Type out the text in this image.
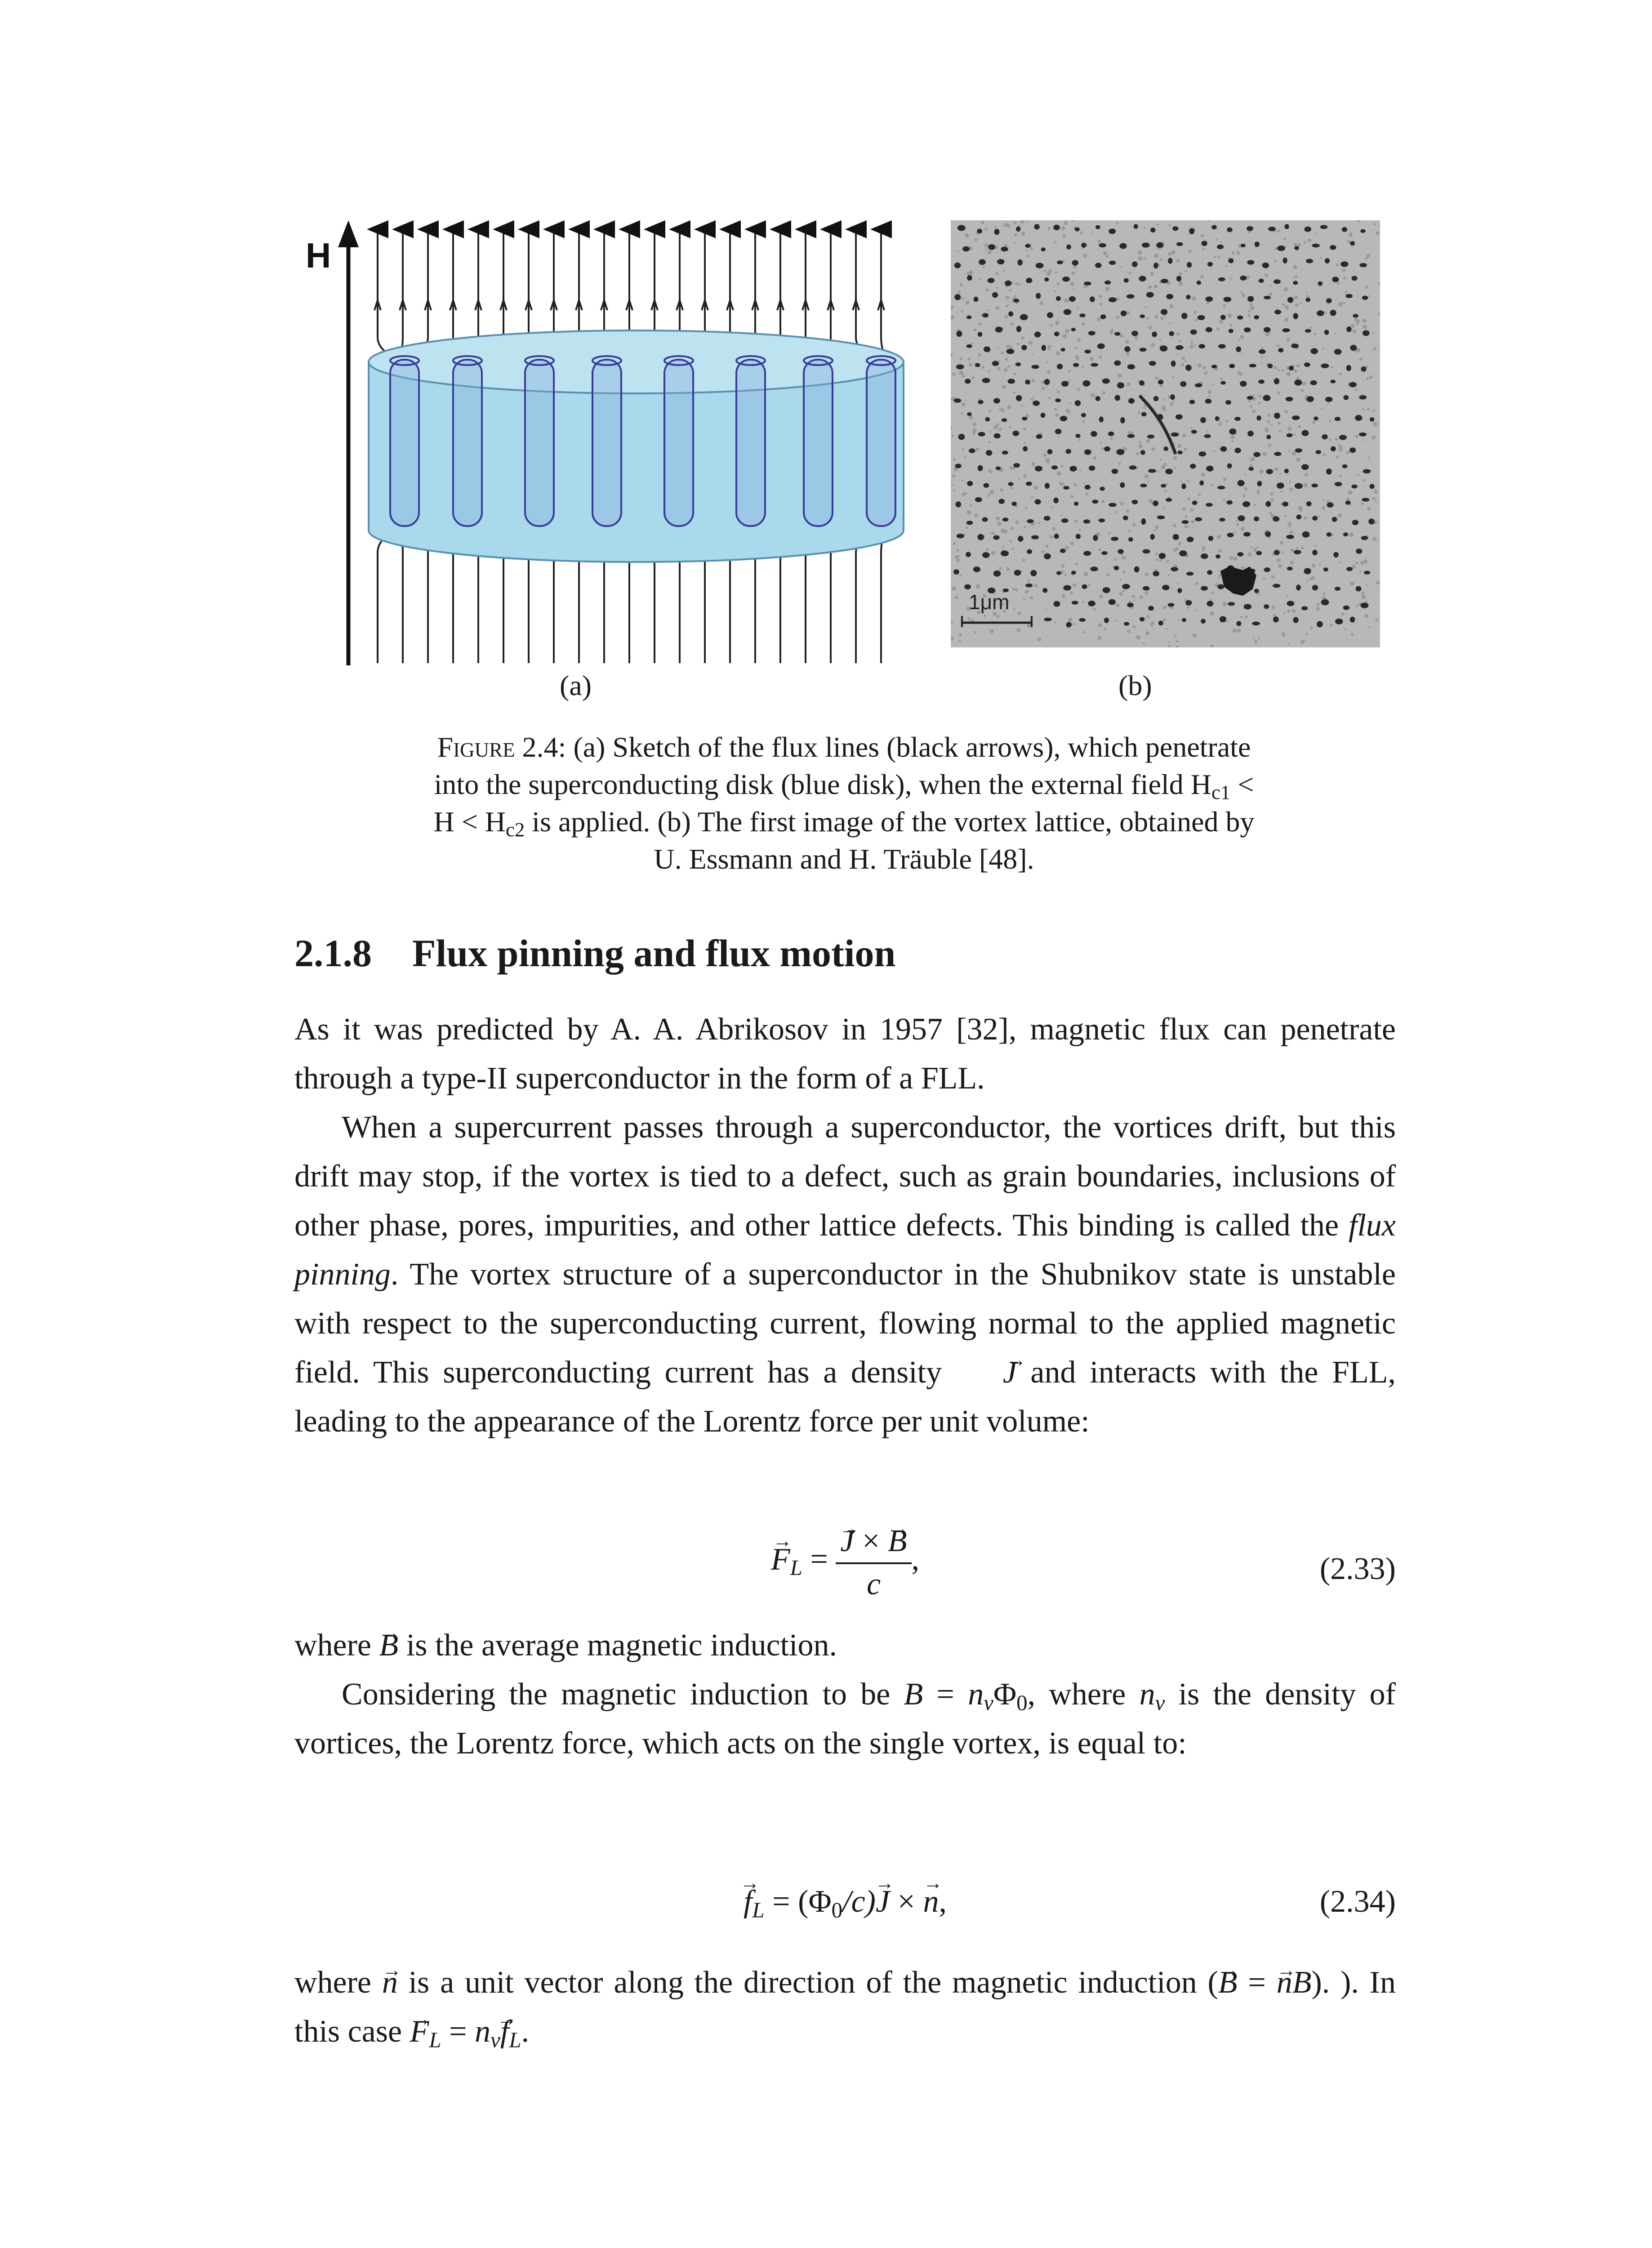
H
1μm
(a)	(b)
Figure 2.4: (a) Sketch of the flux lines (black arrows), which penetrate into the superconducting disk (blue disk), when the external field $H_{c1} < H < H_{c2}$ is applied. (b) The first image of the vortex lattice, obtained by U. Essmann and H. Träuble [48].
2.1.8 Flux pinning and flux motion

As it was predicted by A. A. Abrikosov in 1957 [32], magnetic flux can penetrate through a type-II superconductor in the form of a FLL.

When a supercurrent passes through a superconductor, the vortices drift, but this drift may stop, if the vortex is tied to a defect, such as grain boundaries, inclusions of other phase, pores, impurities, and other lattice defects. This binding is called the flux pinning. The vortex structure of a superconductor in the Shubnikov state is unstable with respect to the superconducting current, flowing normal to the applied magnetic field. This superconducting current has a density → J and interacts with the FLL, leading to the appearance of the Lorentz force per unit volume:

→ $F_L$ =
→ $\frac{J \times \to B}{c}$ ,	(2.33)

where → B is the average magnetic induction.

Considering the magnetic induction to be $B = n_v\Phi_0$, where $n_v$ is the density of vortices, the Lorentz force, which acts on the single vortex, is equal to:

→ $f_L = (\Phi_0/c)\to J$ × → n,	(2.34)

where → n is a unit vector along the direction of the magnetic induction (→ B = → nB). ). In this case → $F_L = n_v\to f_L$.
